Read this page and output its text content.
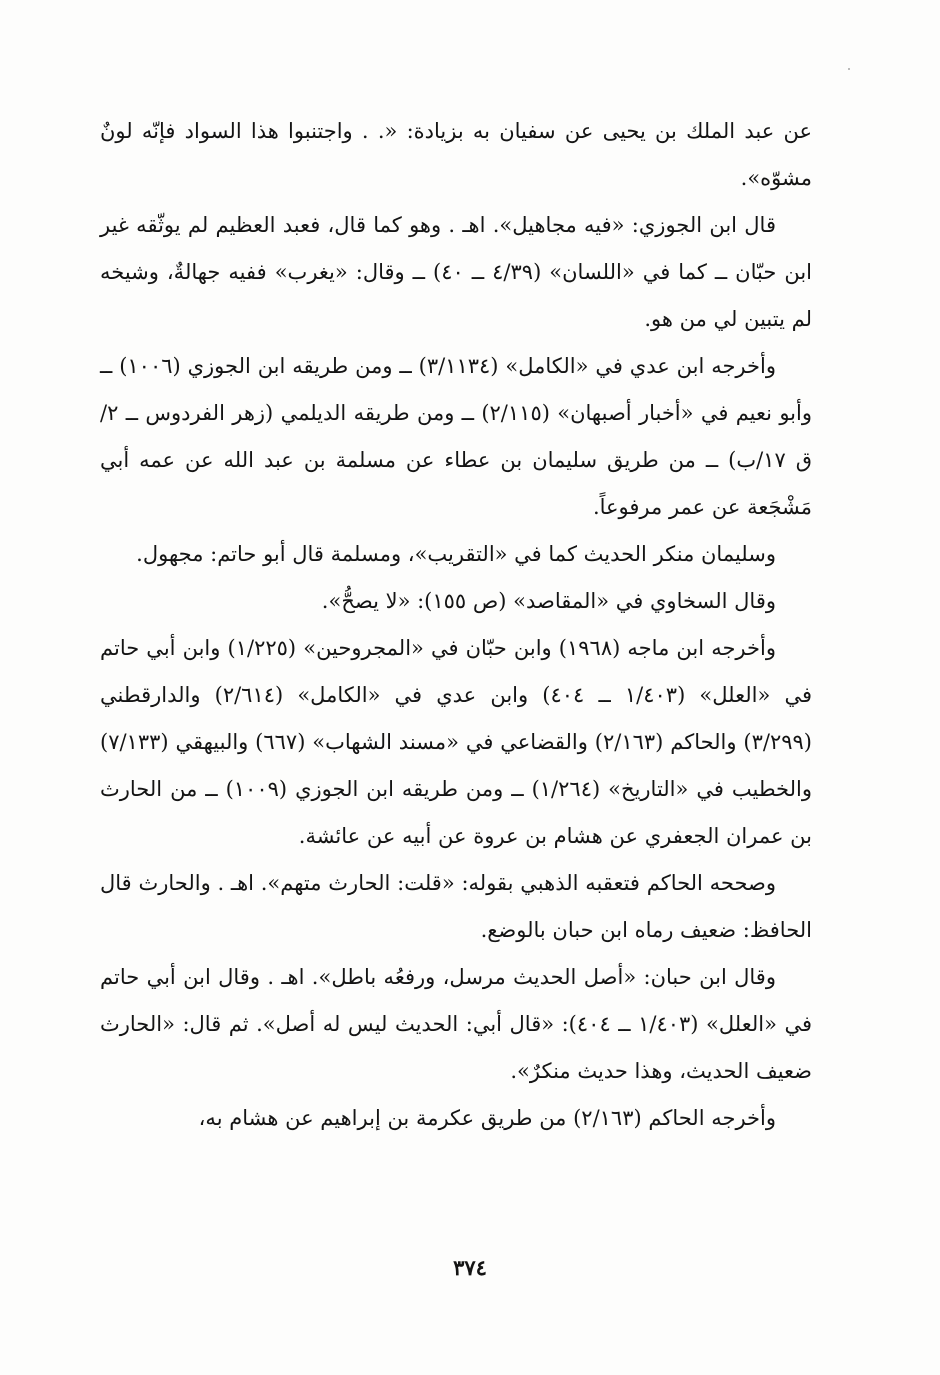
عن عبد الملك بن يحيى عن سفيان به بزيادة: «. . واجتنبوا هذا السواد فإنّه لونٌ مشوّه».

قال ابن الجوزي: «فيه مجاهيل». اهـ . وهو كما قال، فعبد العظيم لم يوثّقه غير ابن حبّان ــ كما في «اللسان» (٤/٣٩ ــ ٤٠) ــ وقال: «يغرب» ففيه جهالةٌ، وشيخه لم يتبين لي من هو.

وأخرجه ابن عدي في «الكامل» (٣/١١٣٤) ــ ومن طريقه ابن الجوزي (١٠٠٦) ــ وأبو نعيم في «أخبار أصبهان» (٢/١١٥) ــ ومن طريقه الديلمي (زهر الفردوس ــ ٢/ق ١٧/ب) ــ من طريق سليمان بن عطاء عن مسلمة بن عبد الله عن عمه أبي مَشْجَعة عن عمر مرفوعاً.

وسليمان منكر الحديث كما في «التقريب»، ومسلمة قال أبو حاتم: مجهول.

وقال السخاوي في «المقاصد» (ص ١٥٥): «لا يصحُّ».

وأخرجه ابن ماجه (١٩٦٨) وابن حبّان في «المجروحين» (١/٢٢٥) وابن أبي حاتم في «العلل» (١/٤٠٣ ــ ٤٠٤) وابن عدي في «الكامل» (٢/٦١٤) والدارقطني (٣/٢٩٩) والحاكم (٢/١٦٣) والقضاعي في «مسند الشهاب» (٦٦٧) والبيهقي (٧/١٣٣) والخطيب في «التاريخ» (١/٢٦٤) ــ ومن طريقه ابن الجوزي (١٠٠٩) ــ من الحارث بن عمران الجعفري عن هشام بن عروة عن أبيه عن عائشة.

وصححه الحاكم فتعقبه الذهبي بقوله: «قلت: الحارث متهم». اهـ . والحارث قال الحافظ: ضعيف رماه ابن حبان بالوضع.

وقال ابن حبان: «أصل الحديث مرسل، ورفعُه باطل». اهـ . وقال ابن أبي حاتم في «العلل» (١/٤٠٣ ــ ٤٠٤): «قال أبي: الحديث ليس له أصل». ثم قال: «الحارث ضعيف الحديث، وهذا حديث منكرٌ».

وأخرجه الحاكم (٢/١٦٣) من طريق عكرمة بن إبراهيم عن هشام به،

٣٧٤
